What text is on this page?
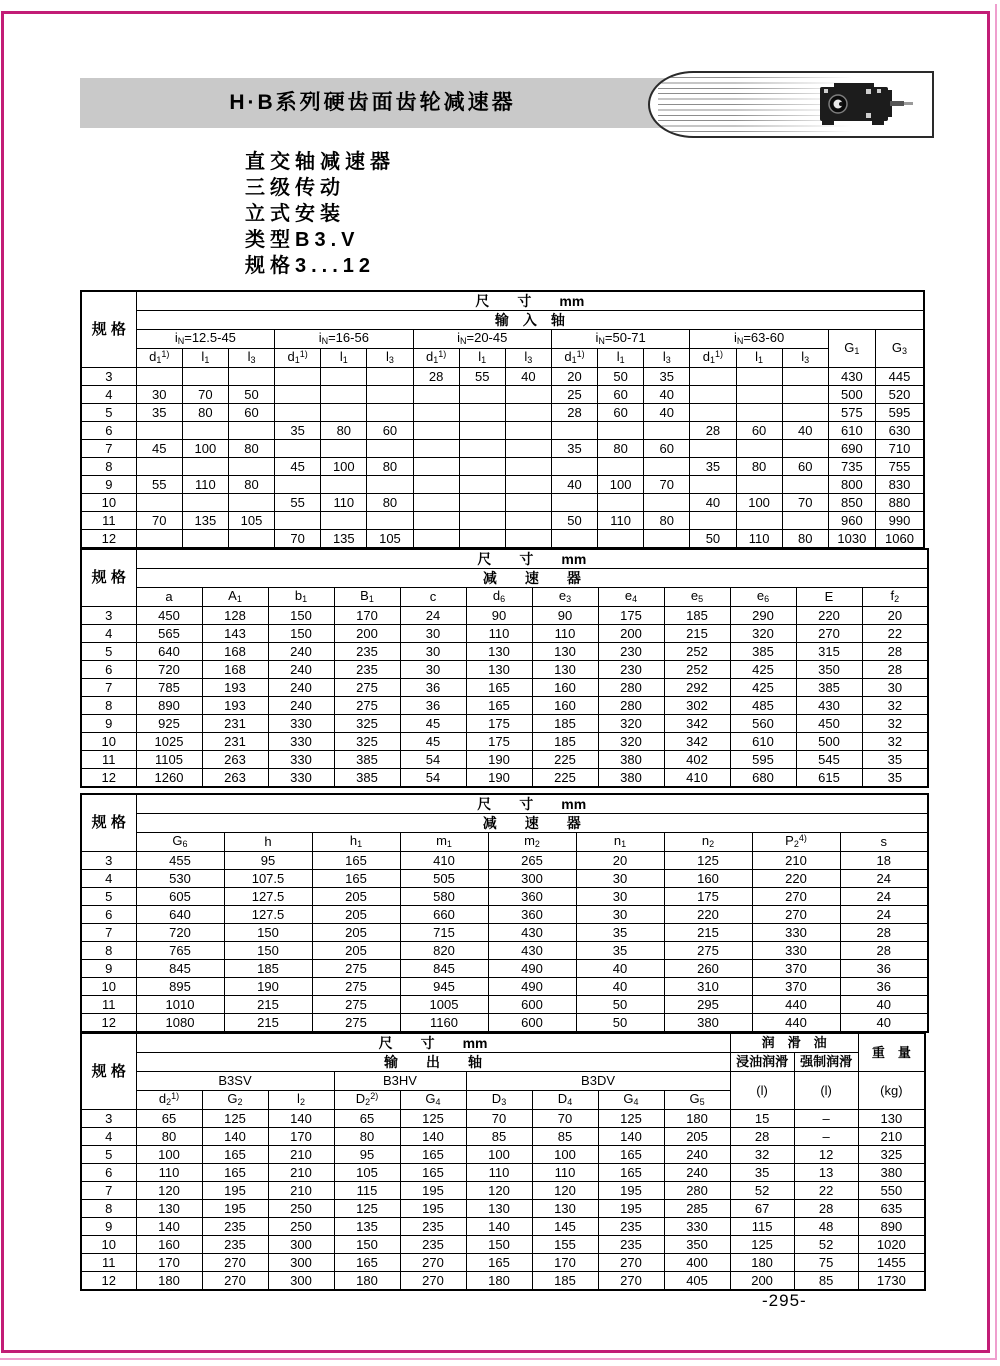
H·B系列硬齿面齿轮减速器
直交轴减速器
三级传动
立式安装
类型B3.V
规格3...12
规 格	尺　　寸　　mm																
	输　入　轴																
	$i_N=12.5-45$			$i_N=16-56$			$i_N=20-45$			$i_N=50-71$			$i_N=63-60$			$G_1$	$G_3$
	$d_1^{1)}$	$l_1$	$l_3$	$d_1^{1)}$	$l_1$	$l_3$	$d_1^{1)}$	$l_1$	$l_3$	$d_1^{1)}$	$l_1$	$l_3$	$d_1^{1)}$	$l_1$	$l_3$
3							28	55	40	20	50	35				430	445
4	30	70	50							25	60	40				500	520
5	35	80	60							28	60	40				575	595
6				35	80	60							28	60	40	610	630
7	45	100	80							35	80	60				690	710
8				45	100	80							35	80	60	735	755
9	55	110	80							40	100	70				800	830
10				55	110	80							40	100	70	850	880
11	70	135	105							50	110	80				960	990
12				70	135	105							50	110	80	1030	1060
规 格	尺　　寸　　mm											
	减　　速　　器											
	a	$A_1$	$b_1$	$B_1$	c	$d_6$	$e_3$	$e_4$	$e_5$	$e_6$	E	$f_2$
3	450	128	150	170	24	90	90	175	185	290	220	20
4	565	143	150	200	30	110	110	200	215	320	270	22
5	640	168	240	235	30	130	130	230	252	385	315	28
6	720	168	240	235	30	130	130	230	252	425	350	28
7	785	193	240	275	36	165	160	280	292	425	385	30
8	890	193	240	275	36	165	160	280	302	485	430	32
9	925	231	330	325	45	175	185	320	342	560	450	32
10	1025	231	330	325	45	175	185	320	342	610	500	32
11	1105	263	330	385	54	190	225	380	402	595	545	35
12	1260	263	330	385	54	190	225	380	410	680	615	35
规 格	尺　　寸　　mm								
	减　　速　　器								
	$G_6$	h	$h_1$	$m_1$	$m_2$	$n_1$	$n_2$	$P_2^{4)}$	s
3	455	95	165	410	265	20	125	210	18
4	530	107.5	165	505	300	30	160	220	24
5	605	127.5	205	580	360	30	175	270	24
6	640	127.5	205	660	360	30	220	270	24
7	720	150	205	715	430	35	215	330	28
8	765	150	205	820	430	35	275	330	28
9	845	185	275	845	490	40	260	370	36
10	895	190	275	945	490	40	310	370	36
11	1010	215	275	1005	600	50	295	440	40
12	1080	215	275	1160	600	50	380	440	40
规 格	尺　　寸　　mm									润　滑　油		重　量
	输　　出　　轴									浸油润滑	强制润滑	
	B3SV			B3HV		B3DV				(l)	(l)	(kg)
	$d_2^{1)}$	$G_2$	$l_2$	$D_2^{2)}$	$G_4$	$D_3$	$D_4$	$G_4$	$G_5$
3	65	125	140	65	125	70	70	125	180	15	–	130
4	80	140	170	80	140	85	85	140	205	28	–	210
5	100	165	210	95	165	100	100	165	240	32	12	325
6	110	165	210	105	165	110	110	165	240	35	13	380
7	120	195	210	115	195	120	120	195	280	52	22	550
8	130	195	250	125	195	130	130	195	285	67	28	635
9	140	235	250	135	235	140	145	235	330	115	48	890
10	160	235	300	150	235	150	155	235	350	125	52	1020
11	170	270	300	165	270	165	170	270	400	180	75	1455
12	180	270	300	180	270	180	185	270	405	200	85	1730
-295-
